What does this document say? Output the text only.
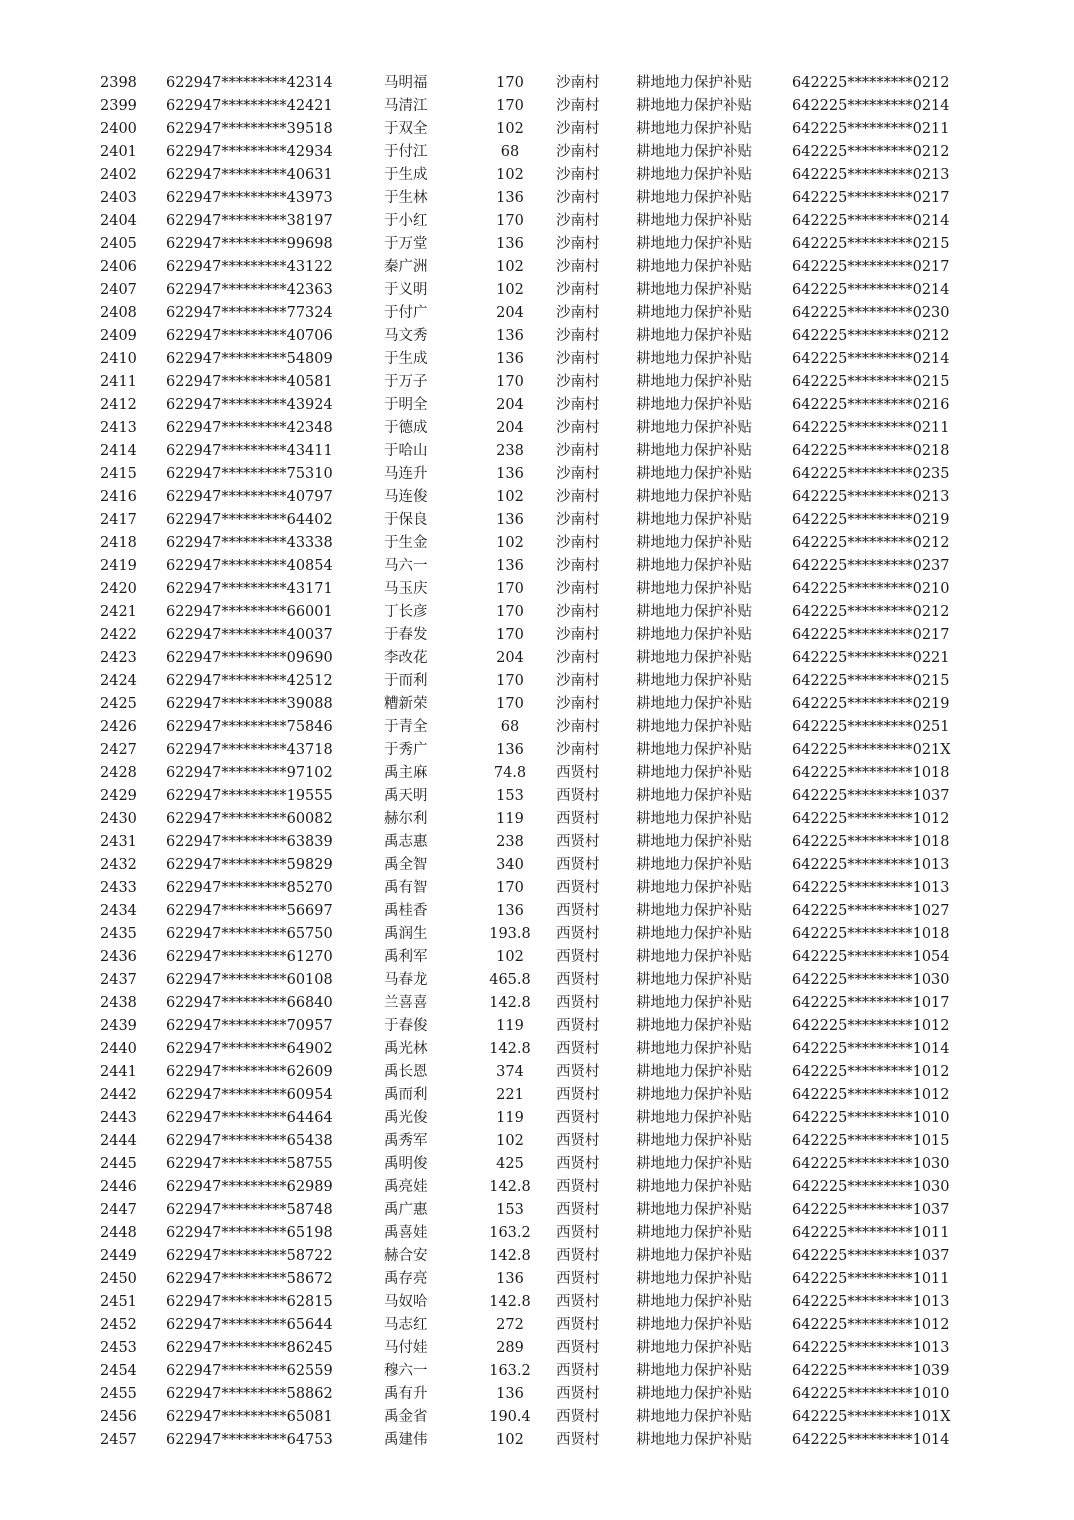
2398	622947*********42314	马明福	170	沙南村	耕地地力保护补贴	642225*********0212
2399	622947*********42421	马清江	170	沙南村	耕地地力保护补贴	642225*********0214
2400	622947*********39518	于双全	102	沙南村	耕地地力保护补贴	642225*********0211
2401	622947*********42934	于付江	68	沙南村	耕地地力保护补贴	642225*********0212
2402	622947*********40631	于生成	102	沙南村	耕地地力保护补贴	642225*********0213
2403	622947*********43973	于生林	136	沙南村	耕地地力保护补贴	642225*********0217
2404	622947*********38197	于小红	170	沙南村	耕地地力保护补贴	642225*********0214
2405	622947*********99698	于万堂	136	沙南村	耕地地力保护补贴	642225*********0215
2406	622947*********43122	秦广洲	102	沙南村	耕地地力保护补贴	642225*********0217
2407	622947*********42363	于义明	102	沙南村	耕地地力保护补贴	642225*********0214
2408	622947*********77324	于付广	204	沙南村	耕地地力保护补贴	642225*********0230
2409	622947*********40706	马文秀	136	沙南村	耕地地力保护补贴	642225*********0212
2410	622947*********54809	于生成	136	沙南村	耕地地力保护补贴	642225*********0214
2411	622947*********40581	于万子	170	沙南村	耕地地力保护补贴	642225*********0215
2412	622947*********43924	于明全	204	沙南村	耕地地力保护补贴	642225*********0216
2413	622947*********42348	于德成	204	沙南村	耕地地力保护补贴	642225*********0211
2414	622947*********43411	于哈山	238	沙南村	耕地地力保护补贴	642225*********0218
2415	622947*********75310	马连升	136	沙南村	耕地地力保护补贴	642225*********0235
2416	622947*********40797	马连俊	102	沙南村	耕地地力保护补贴	642225*********0213
2417	622947*********64402	于保良	136	沙南村	耕地地力保护补贴	642225*********0219
2418	622947*********43338	于生金	102	沙南村	耕地地力保护补贴	642225*********0212
2419	622947*********40854	马六一	136	沙南村	耕地地力保护补贴	642225*********0237
2420	622947*********43171	马玉庆	170	沙南村	耕地地力保护补贴	642225*********0210
2421	622947*********66001	丁长彦	170	沙南村	耕地地力保护补贴	642225*********0212
2422	622947*********40037	于春发	170	沙南村	耕地地力保护补贴	642225*********0217
2423	622947*********09690	李改花	204	沙南村	耕地地力保护补贴	642225*********0221
2424	622947*********42512	于而利	170	沙南村	耕地地力保护补贴	642225*********0215
2425	622947*********39088	糟新荣	170	沙南村	耕地地力保护补贴	642225*********0219
2426	622947*********75846	于青全	68	沙南村	耕地地力保护补贴	642225*********0251
2427	622947*********43718	于秀广	136	沙南村	耕地地力保护补贴	642225*********021X
2428	622947*********97102	禹主麻	74.8	西贤村	耕地地力保护补贴	642225*********1018
2429	622947*********19555	禹天明	153	西贤村	耕地地力保护补贴	642225*********1037
2430	622947*********60082	赫尔利	119	西贤村	耕地地力保护补贴	642225*********1012
2431	622947*********63839	禹志惠	238	西贤村	耕地地力保护补贴	642225*********1018
2432	622947*********59829	禹全智	340	西贤村	耕地地力保护补贴	642225*********1013
2433	622947*********85270	禹有智	170	西贤村	耕地地力保护补贴	642225*********1013
2434	622947*********56697	禹桂香	136	西贤村	耕地地力保护补贴	642225*********1027
2435	622947*********65750	禹润生	193.8	西贤村	耕地地力保护补贴	642225*********1018
2436	622947*********61270	禹利军	102	西贤村	耕地地力保护补贴	642225*********1054
2437	622947*********60108	马春龙	465.8	西贤村	耕地地力保护补贴	642225*********1030
2438	622947*********66840	兰喜喜	142.8	西贤村	耕地地力保护补贴	642225*********1017
2439	622947*********70957	于春俊	119	西贤村	耕地地力保护补贴	642225*********1012
2440	622947*********64902	禹光林	142.8	西贤村	耕地地力保护补贴	642225*********1014
2441	622947*********62609	禹长恩	374	西贤村	耕地地力保护补贴	642225*********1012
2442	622947*********60954	禹而利	221	西贤村	耕地地力保护补贴	642225*********1012
2443	622947*********64464	禹光俊	119	西贤村	耕地地力保护补贴	642225*********1010
2444	622947*********65438	禹秀军	102	西贤村	耕地地力保护补贴	642225*********1015
2445	622947*********58755	禹明俊	425	西贤村	耕地地力保护补贴	642225*********1030
2446	622947*********62989	禹亮娃	142.8	西贤村	耕地地力保护补贴	642225*********1030
2447	622947*********58748	禹广惠	153	西贤村	耕地地力保护补贴	642225*********1037
2448	622947*********65198	禹喜娃	163.2	西贤村	耕地地力保护补贴	642225*********1011
2449	622947*********58722	赫合安	142.8	西贤村	耕地地力保护补贴	642225*********1037
2450	622947*********58672	禹存亮	136	西贤村	耕地地力保护补贴	642225*********1011
2451	622947*********62815	马奴哈	142.8	西贤村	耕地地力保护补贴	642225*********1013
2452	622947*********65644	马志红	272	西贤村	耕地地力保护补贴	642225*********1012
2453	622947*********86245	马付娃	289	西贤村	耕地地力保护补贴	642225*********1013
2454	622947*********62559	穆六一	163.2	西贤村	耕地地力保护补贴	642225*********1039
2455	622947*********58862	禹有升	136	西贤村	耕地地力保护补贴	642225*********1010
2456	622947*********65081	禹金省	190.4	西贤村	耕地地力保护补贴	642225*********101X
2457	622947*********64753	禹建伟	102	西贤村	耕地地力保护补贴	642225*********1014
